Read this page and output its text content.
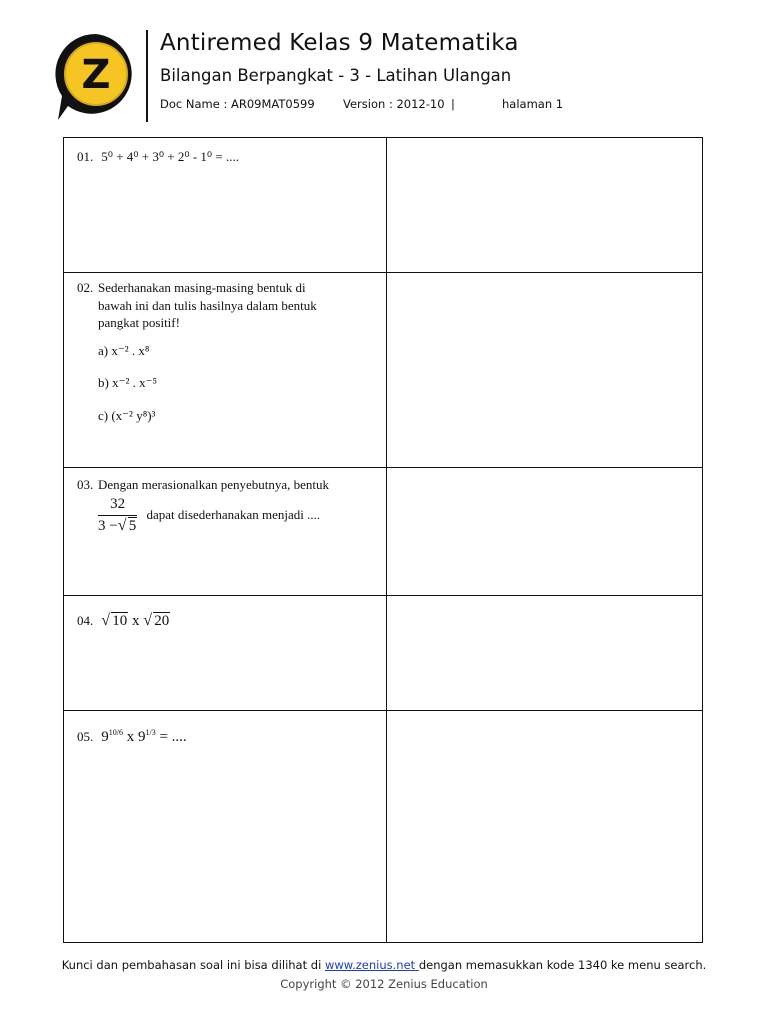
Z
Antiremed Kelas 9 Matematika
Bilangan Berpangkat - 3 - Latihan Ulangan
Doc Name : AR09MAT0599 Version : 2012-10 |	halaman 1
01. 5⁰ + 4⁰ + 3⁰ + 2⁰ - 1⁰ = ....
02. Sederhanakan masing-masing bentuk di
bawah ini dan tulis hasilnya dalam bentuk
pangkat positif!
a) x⁻² . x⁸
b) x⁻² . x⁻⁵
c) (x⁻² y⁸)³
03. Dengan merasionalkan penyebutnya, bentuk
$\frac{32}{3 - √ 5}$ dapat disederhanakan menjadi ....
04. √ 10 x √ 20
05. $9^{10/6}$ x $9^{1/3}$ = ....
Kunci dan pembahasan soal ini bisa dilihat di www.zenius.net dengan memasukkan kode 1340 ke menu search.
Copyright © 2012 Zenius Education
